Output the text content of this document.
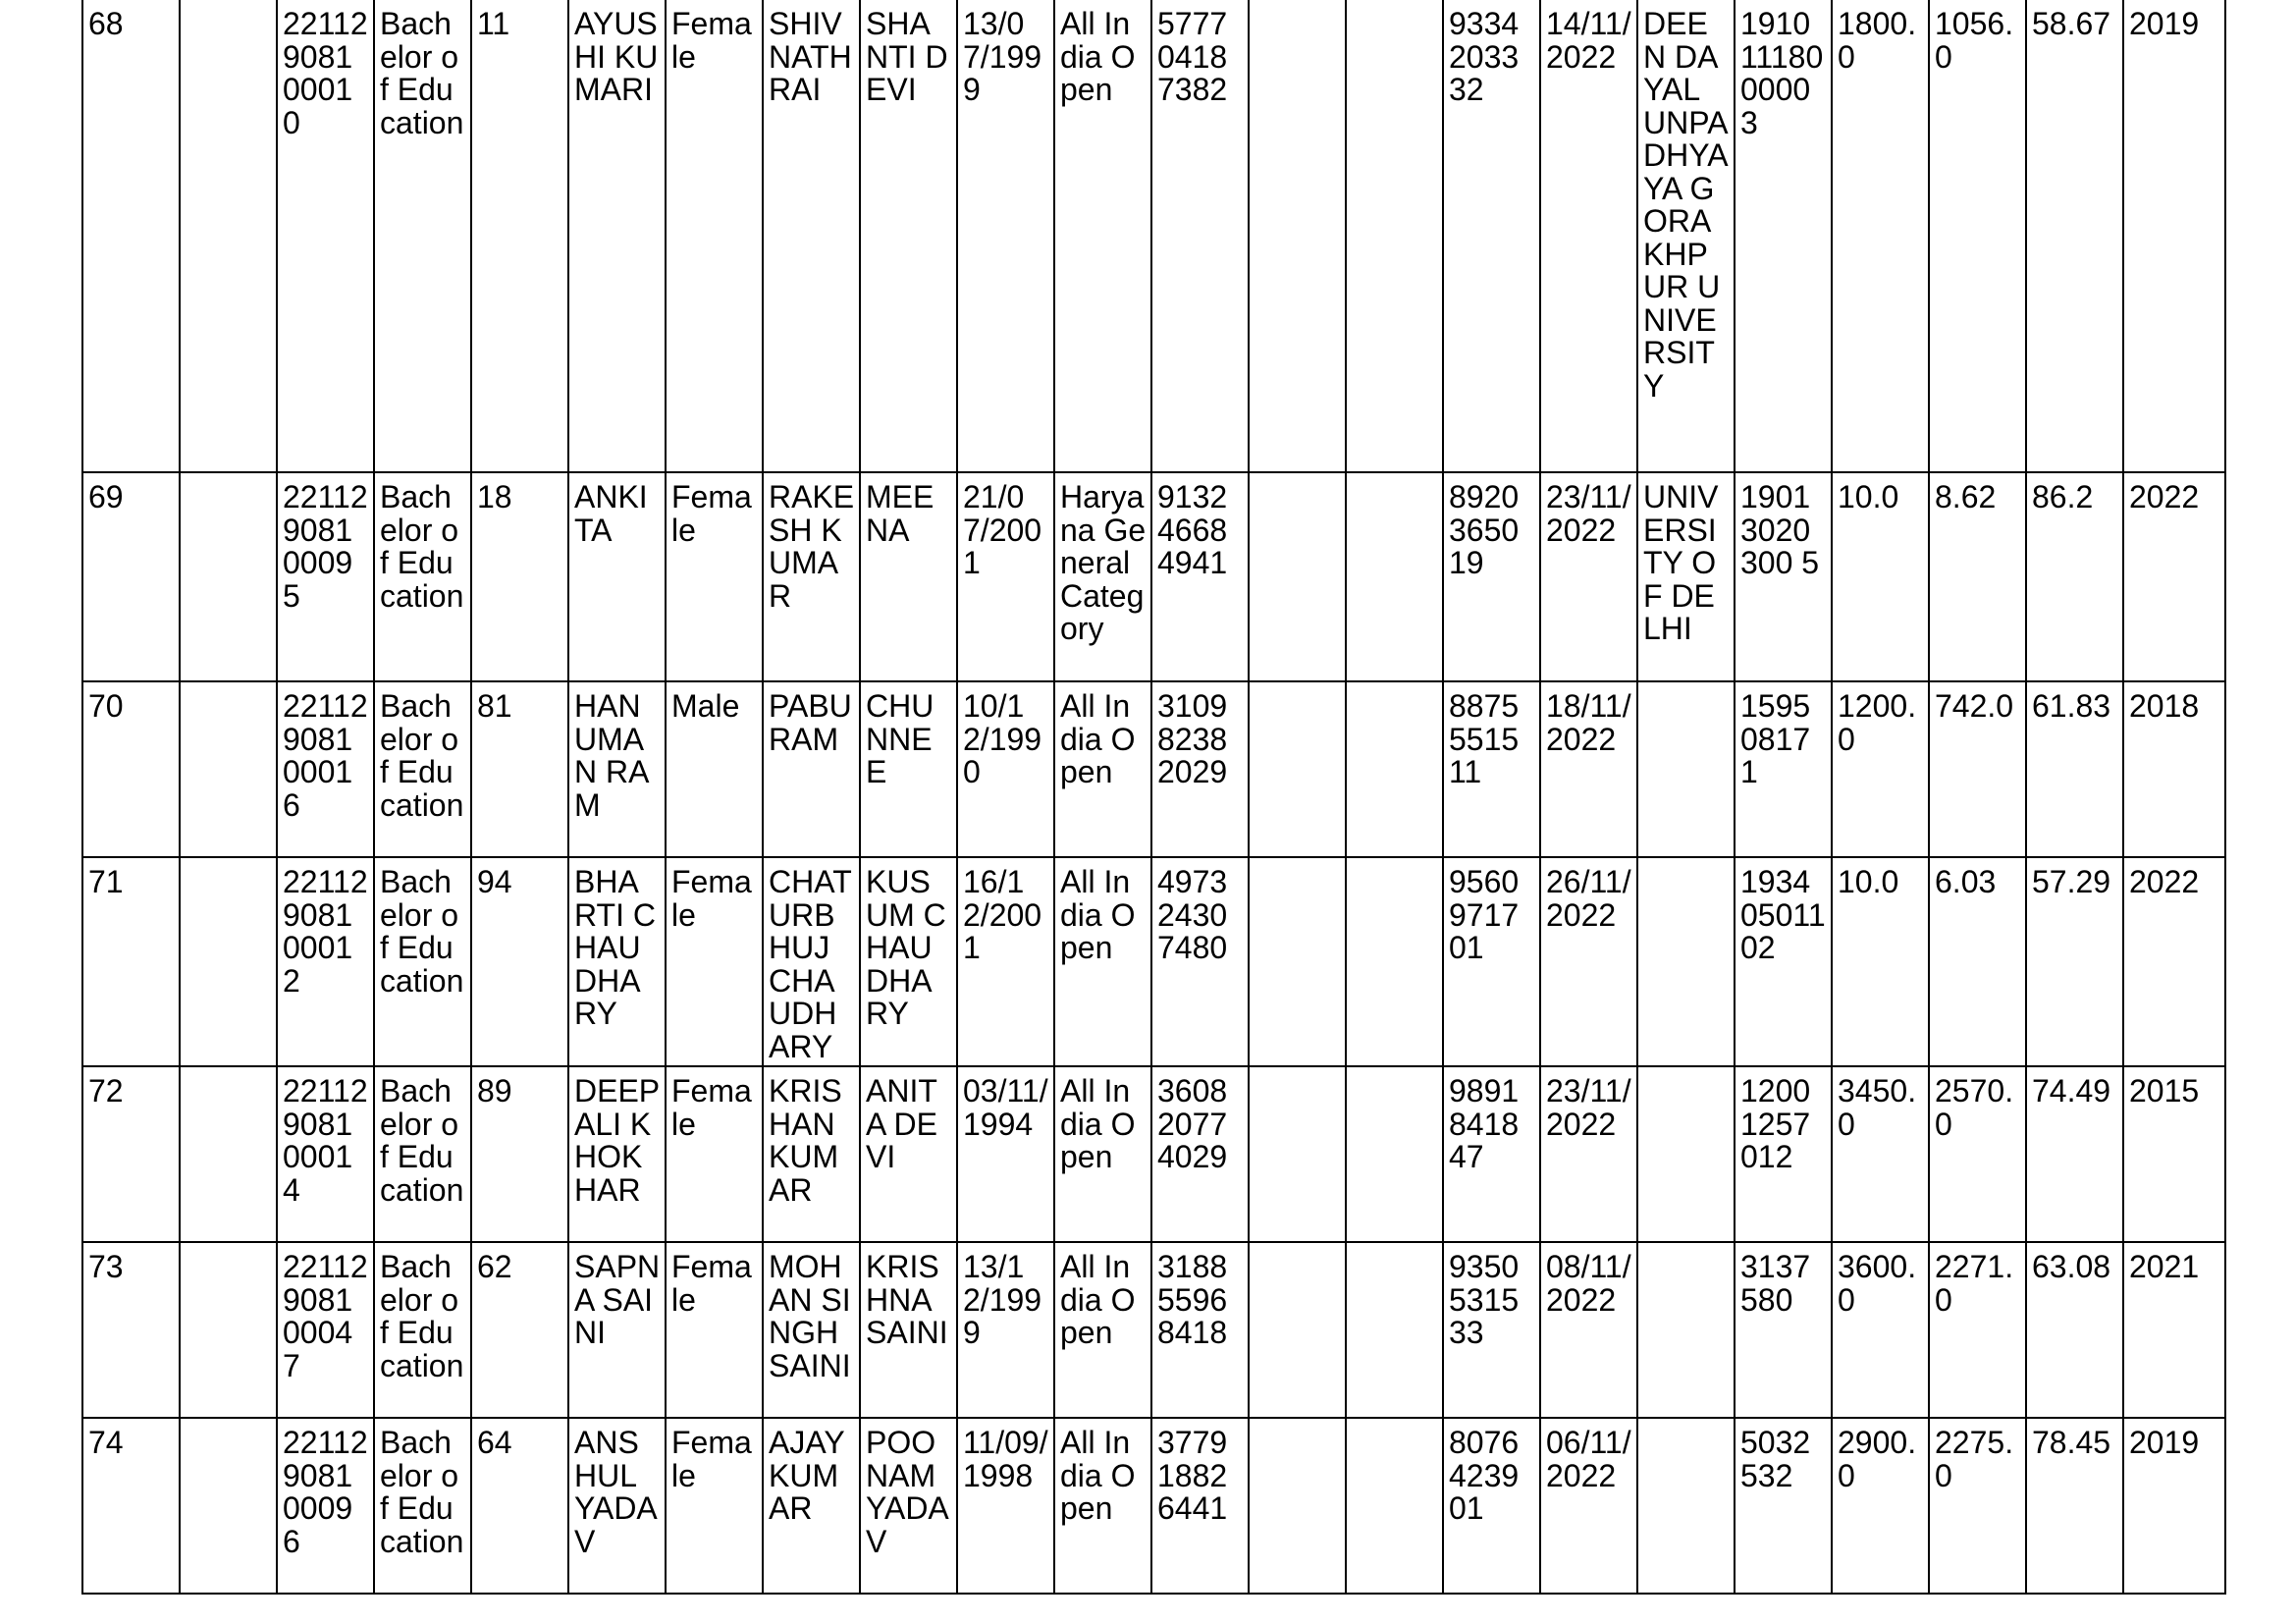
68		22112908100010	Bachelor of Education	11	AYUSHI KUMARI	Female	SHIVNATH RAI	SHANTI DEVI	13/07/1999	All India Open	577704187382			9334203332	14/11/2022	DEEN DAYAL UNPADHYAYA GORAKHPUR UNIVERSITY	19101118000003	1800.0	1056.0	58.67	2019
69		22112908100095	Bachelor of Education	18	ANKITA	Female	RAKESH KUMAR	MEENA	21/07/2001	Haryana General Category	913246684941			8920365019	23/11/2022	UNIVERSITY OF DELHI	19013020300 5	10.0	8.62	86.2	2022
70		22112908100016	Bachelor of Education	81	HANUMAN RAM	Male	PABU RAM	CHUNNEE	10/12/1990	All India Open	310982382029			8875551511	18/11/2022		159508171	1200.0	742.0	61.83	2018
71		22112908100012	Bachelor of Education	94	BHARTI CHAUDHARY	Female	CHATURBHUJ CHAUDHARY	KUSUM CHAUDHARY	16/12/2001	All India Open	497324307480			9560971701	26/11/2022		19340501102	10.0	6.03	57.29	2022
72		22112908100014	Bachelor of Education	89	DEEPALI KHOKHAR	Female	KRISHAN KUMAR	ANITA DEVI	03/11/1994	All India Open	360820774029			9891841847	23/11/2022		12001257012	3450.0	2570.0	74.49	2015
73		22112908100047	Bachelor of Education	62	SAPNA SAINI	Female	MOHAN SINGH SAINI	KRISHNA SAINI	13/12/1999	All India Open	318855968418			9350531533	08/11/2022		3137580	3600.0	2271.0	63.08	2021
74		22112908100096	Bachelor of Education	64	ANSHUL YADAV	Female	AJAY KUMAR	POONAM YADAV	11/09/1998	All India Open	377918826441			8076423901	06/11/2022		5032532	2900.0	2275.0	78.45	2019
